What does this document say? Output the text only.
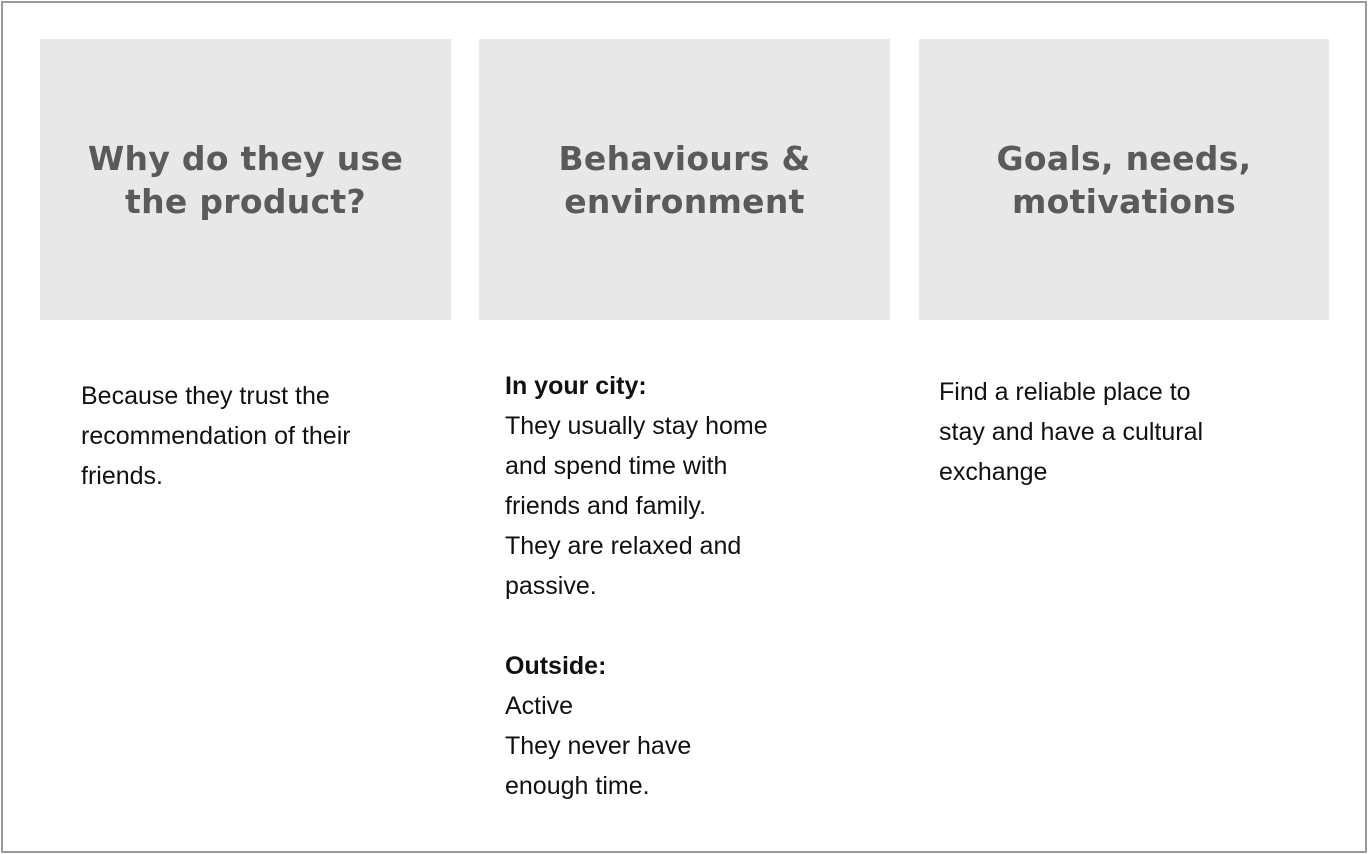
Why do they use
the product?
Behaviours &
environment
Goals, needs,
motivations
Because they trust the
recommendation of their
friends.
In your city:
They usually stay home
and spend time with
friends and family.
They are relaxed and
passive.
Outside:
Active
They never have
enough time.
Find a reliable place to
stay and have a cultural
exchange
